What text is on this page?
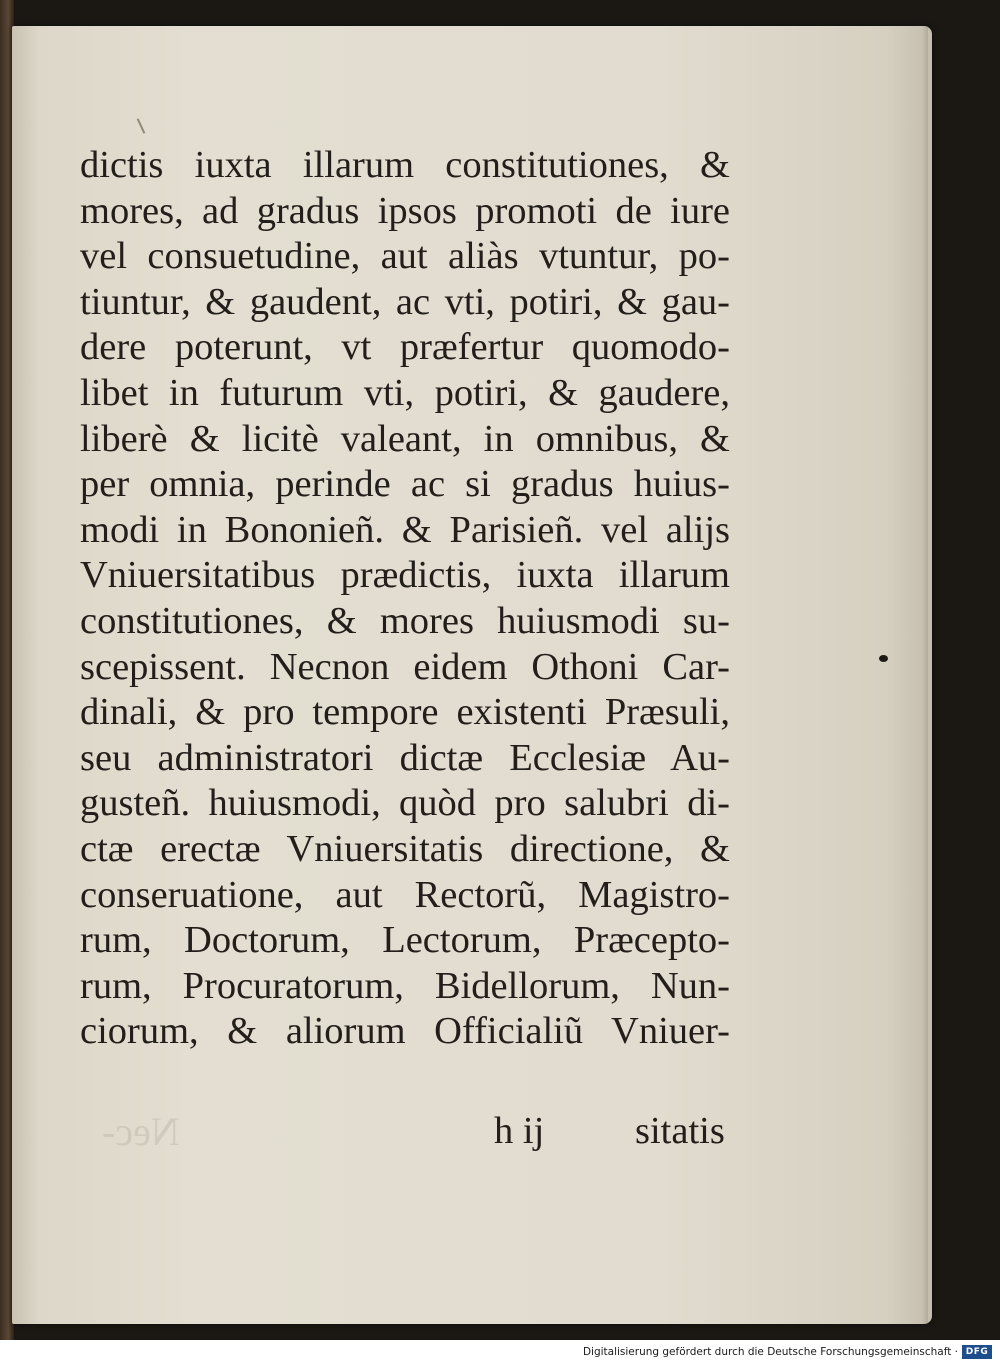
dictis iuxta illarum constitutiones, &
mores, ad gradus ipsos promoti de iure
vel consuetudine, aut aliàs vtuntur, po-
tiuntur, & gaudent, ac vti, potiri, & gau-
dere poterunt, vt præfertur quomodo-
libet in futurum vti, potiri, & gaudere,
liberè & licitè valeant, in omnibus, &
per omnia, perinde ac si gradus huius-
modi in Bononieñ. & Parisieñ. vel alijs
Vniuersitatibus prædictis, iuxta illarum
constitutiones, & mores huiusmodi su-
scepissent. Necnon eidem Othoni Car-
dinali, & pro tempore existenti Præsuli,
seu administratori dictæ Ecclesiæ Au-
gusteñ. huiusmodi, quòd pro salubri di-
ctæ erectæ Vniuersitatis directione, &
conseruatione, aut Rectorũ, Magistro-
rum, Doctorum, Lectorum, Præcepto-
rum, Procuratorum, Bidellorum, Nun-
ciorum, & aliorum Officialiũ Vniuer-
Nec-	h ij sitatis
Digitalisierung gefördert durch die Deutsche Forschungsgemeinschaft · DFG
